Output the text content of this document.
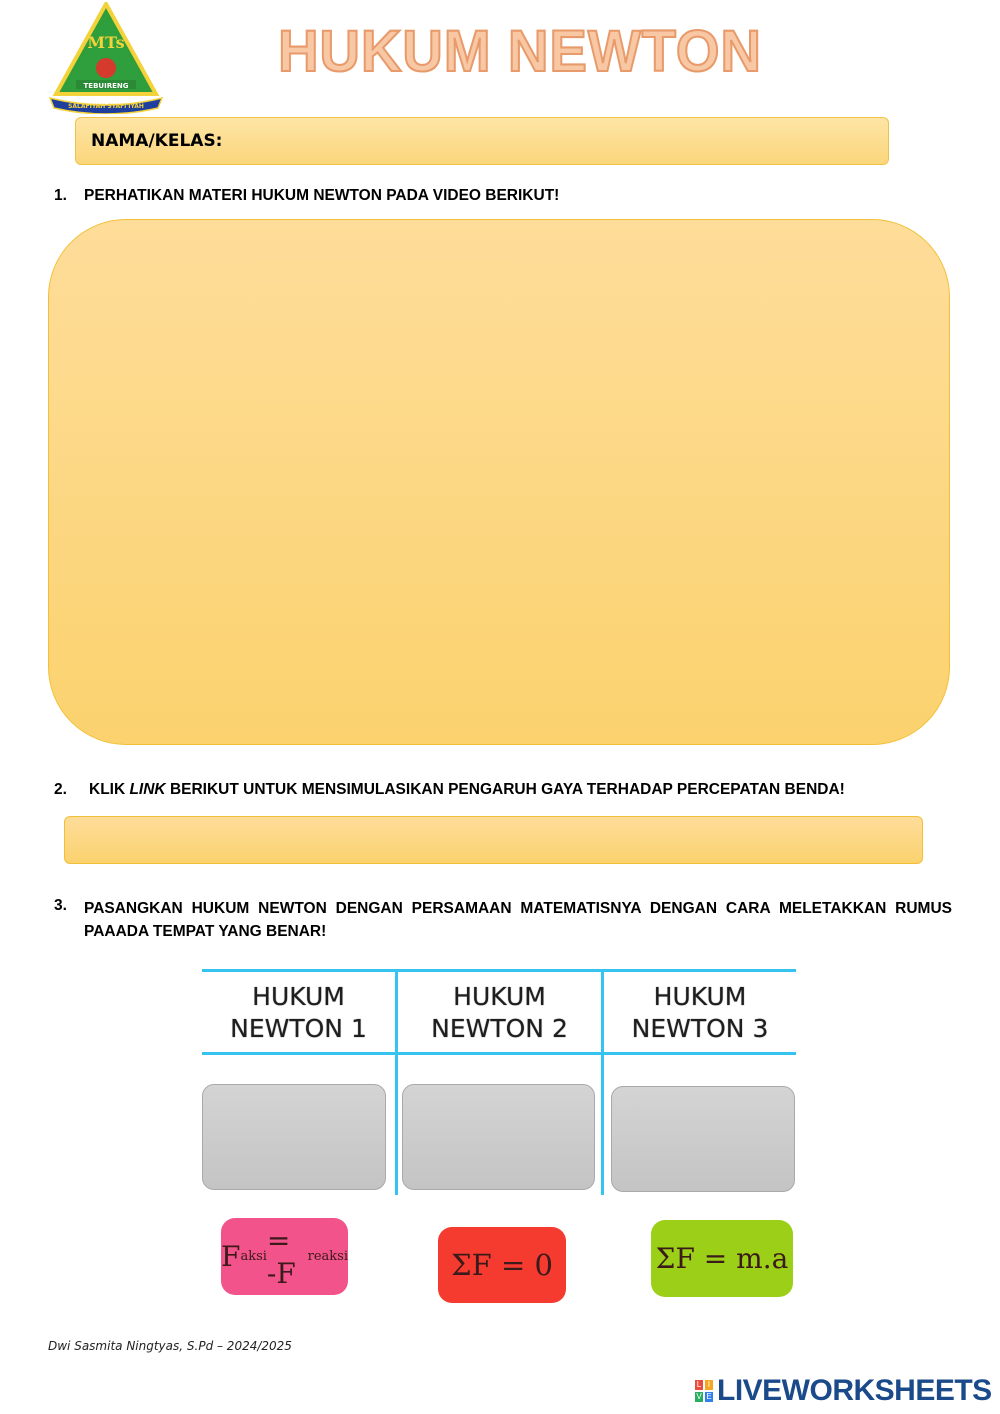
MTs
TEBUIRENG
SALAFIYAH SYAFI'IYAH
HUKUM NEWTON
NAMA/KELAS:
1. PERHATIKAN MATERI HUKUM NEWTON PADA VIDEO BERIKUT!
2. KLIK LINK BERIKUT UNTUK MENSIMULASIKAN PENGARUH GAYA TERHADAP PERCEPATAN BENDA!
3. PASANGKAN HUKUM NEWTON DENGAN PERSAMAAN MATEMATISNYA DENGAN CARA MELETAKKAN RUMUS
PAAADA TEMPAT YANG BENAR!
HUKUM
NEWTON 1
HUKUM
NEWTON 2
HUKUM
NEWTON 3
F aksi = -F reaksi	ΣF = 0	ΣF = m.a
Dwi Sasmita Ningtyas, S.Pd – 2024/2025
L I
V E LIVEWORKSHEETS
